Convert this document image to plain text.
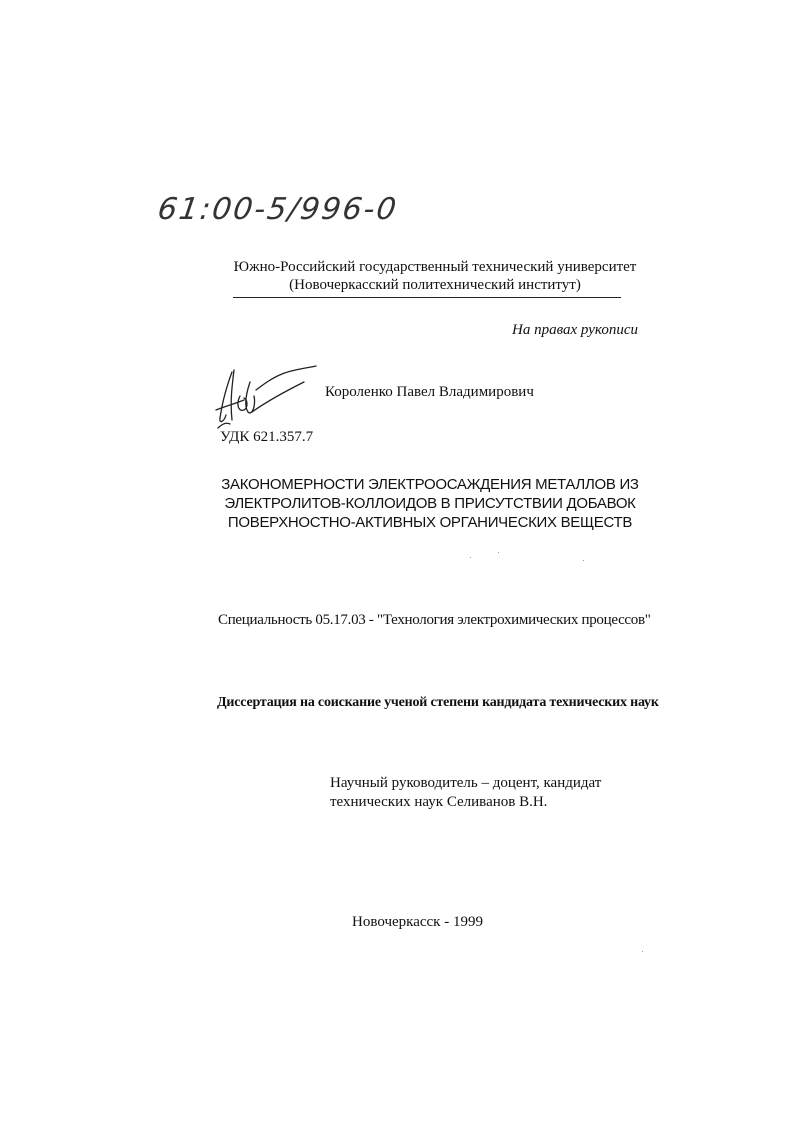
61:00-5/996-0
Южно-Российский государственный технический университет
(Новочеркасский политехнический институт)
На правах рукописи
Короленко Павел Владимирович
УДК 621.357.7
ЗАКОНОМЕРНОСТИ ЭЛЕКТРООСАЖДЕНИЯ МЕТАЛЛОВ ИЗ
ЭЛЕКТРОЛИТОВ-КОЛЛОИДОВ В ПРИСУТСТВИИ ДОБАВОК
ПОВЕРХНОСТНО-АКТИВНЫХ ОРГАНИЧЕСКИХ ВЕЩЕСТВ
Специальность 05.17.03 - "Технология электрохимических процессов"
Диссертация на соискание ученой степени кандидата технических наук
Научный руководитель – доцент, кандидат
технических наук Селиванов В.Н.
Новочеркасск - 1999
